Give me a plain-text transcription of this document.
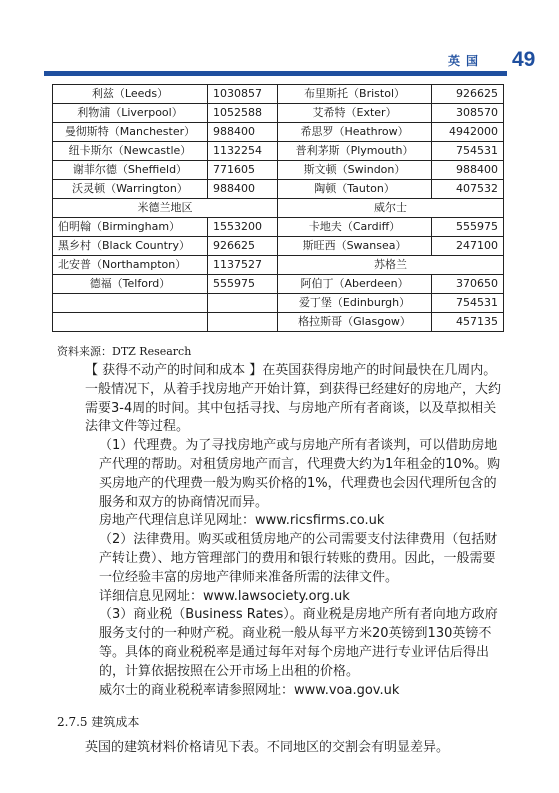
英国 49
利兹（Leeds）	1030857	布里斯托（Bristol）	926625
利物浦（Liverpool）	1052588	艾希特（Exter）	308570
曼彻斯特（Manchester）	988400	希思罗（Heathrow）	4942000
纽卡斯尔（Newcastle）	1132254	普利茅斯（Plymouth）	754531
谢菲尔德（Sheffield）	771605	斯文顿（Swindon）	988400
沃灵顿（Warrington）	988400	陶顿（Tauton）	407532
米德兰地区		威尔士	
伯明翰（Birmingham）	1553200	卡地夫（Cardiff）	555975
黑乡村（Black Country）	926625	斯旺西（Swansea）	247100
北安普（Northampton）	1137527	苏格兰	
德福（Telford）	555975	阿伯丁（Aberdeen）	370650
		爱丁堡（Edinburgh）	754531
		格拉斯哥（Glasgow）	457135
资料来源：DTZ Research

【 获得不动产的时间和成本 】在英国获得房地产的时间最快在几周内。一般情况下，从着手找房地产开始计算，到获得已经建好的房地产，大约需要3-4周的时间。其中包括寻找、与房地产所有者商谈，以及草拟相关法律文件等过程。

（1）代理费。为了寻找房地产或与房地产所有者谈判，可以借助房地产代理的帮助。对租赁房地产而言，代理费大约为1年租金的10%。购买房地产的代理费一般为购买价格的1%，代理费也会因代理所包含的服务和双方的协商情况而异。

房地产代理信息详见网址：www.ricsfirms.co.uk

（2）法律费用。购买或租赁房地产的公司需要支付法律费用（包括财产转让费）、地方管理部门的费用和银行转账的费用。因此，一般需要一位经验丰富的房地产律师来准备所需的法律文件。

详细信息见网址：www.lawsociety.org.uk

（3）商业税（Business Rates）。商业税是房地产所有者向地方政府服务支付的一种财产税。商业税一般从每平方米20英镑到130英镑不等。具体的商业税税率是通过每年对每个房地产进行专业评估后得出的，计算依据按照在公开市场上出租的价格。

威尔士的商业税税率请参照网址：www.voa.gov.uk

2.7.5 建筑成本
英国的建筑材料价格请见下表。不同地区的交割会有明显差异。
